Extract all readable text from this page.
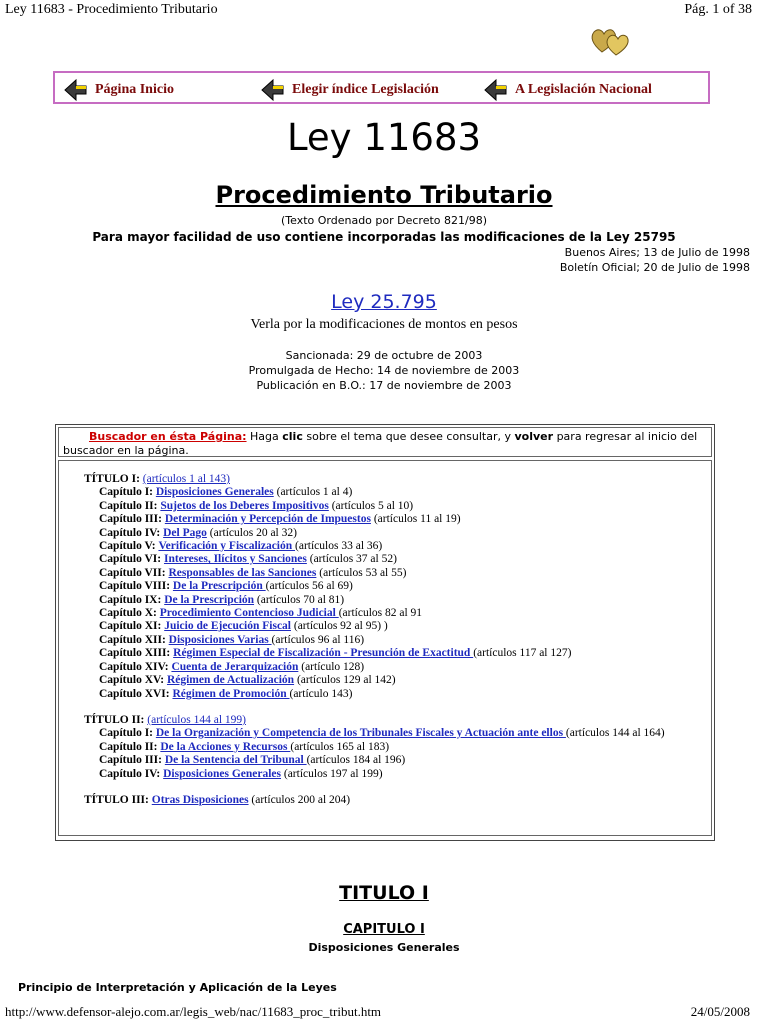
Ley 11683 - Procedimiento Tributario	Pág. 1 of 38
Página Inicio	Elegir índice Legislación	A Legislación Nacional
Ley 11683
Procedimiento Tributario
(Texto Ordenado por Decreto 821/98)
Para mayor facilidad de uso contiene incorporadas las modificaciones de la Ley 25795
Buenos Aires; 13 de Julio de 1998
Boletín Oficial; 20 de Julio de 1998
Ley 25.795
Verla por la modificaciones de montos en pesos
Sancionada: 29 de octubre de 2003
Promulgada de Hecho: 14 de noviembre de 2003
Publicación en B.O.: 17 de noviembre de 2003
Buscador en ésta Página: Haga clic sobre el tema que desee consultar, y volver para regresar al inicio del buscador en la página.
TÍTULO I: (artículos 1 al 143)
Capítulo I: Disposiciones Generales (artículos 1 al 4)
Capítulo II: Sujetos de los Deberes Impositivos (artículos 5 al 10)
Capítulo III: Determinación y Percepción de Impuestos (artículos 11 al 19)
Capítulo IV: Del Pago (artículos 20 al 32)
Capítulo V: Verificación y Fiscalización (artículos 33 al 36)
Capítulo VI: Intereses, Ilícitos y Sanciones (artículos 37 al 52)
Capítulo VII: Responsables de las Sanciones (artículos 53 al 55)
Capítulo VIII: De la Prescripción (artículos 56 al 69)
Capítulo IX: De la Prescripción (artículos 70 al 81)
Capítulo X: Procedimiento Contencioso Judicial (artículos 82 al 91
Capítulo XI: Juicio de Ejecución Fiscal (artículos 92 al 95) )
Capítulo XII: Disposiciones Varias (artículos 96 al 116)
Capítulo XIII: Régimen Especial de Fiscalización - Presunción de Exactitud (artículos 117 al 127)
Capítulo XIV: Cuenta de Jerarquización (artículo 128)
Capítulo XV: Régimen de Actualización (artículos 129 al 142)
Capítulo XVI: Régimen de Promoción (artículo 143)
TÍTULO II: (artículos 144 al 199)
Capítulo I: De la Organización y Competencia de los Tribunales Fiscales y Actuación ante ellos (artículos 144 al 164)
Capítulo II: De la Acciones y Recursos (artículos 165 al 183)
Capítulo III: De la Sentencia del Tribunal (artículos 184 al 196)
Capítulo IV: Disposiciones Generales (artículos 197 al 199)
TÍTULO III: Otras Disposiciones (artículos 200 al 204)
TITULO I
CAPITULO I
Disposiciones Generales
Principio de Interpretación y Aplicación de la Leyes
http://www.defensor-alejo.com.ar/legis_web/nac/11683_proc_tribut.htm	24/05/2008
